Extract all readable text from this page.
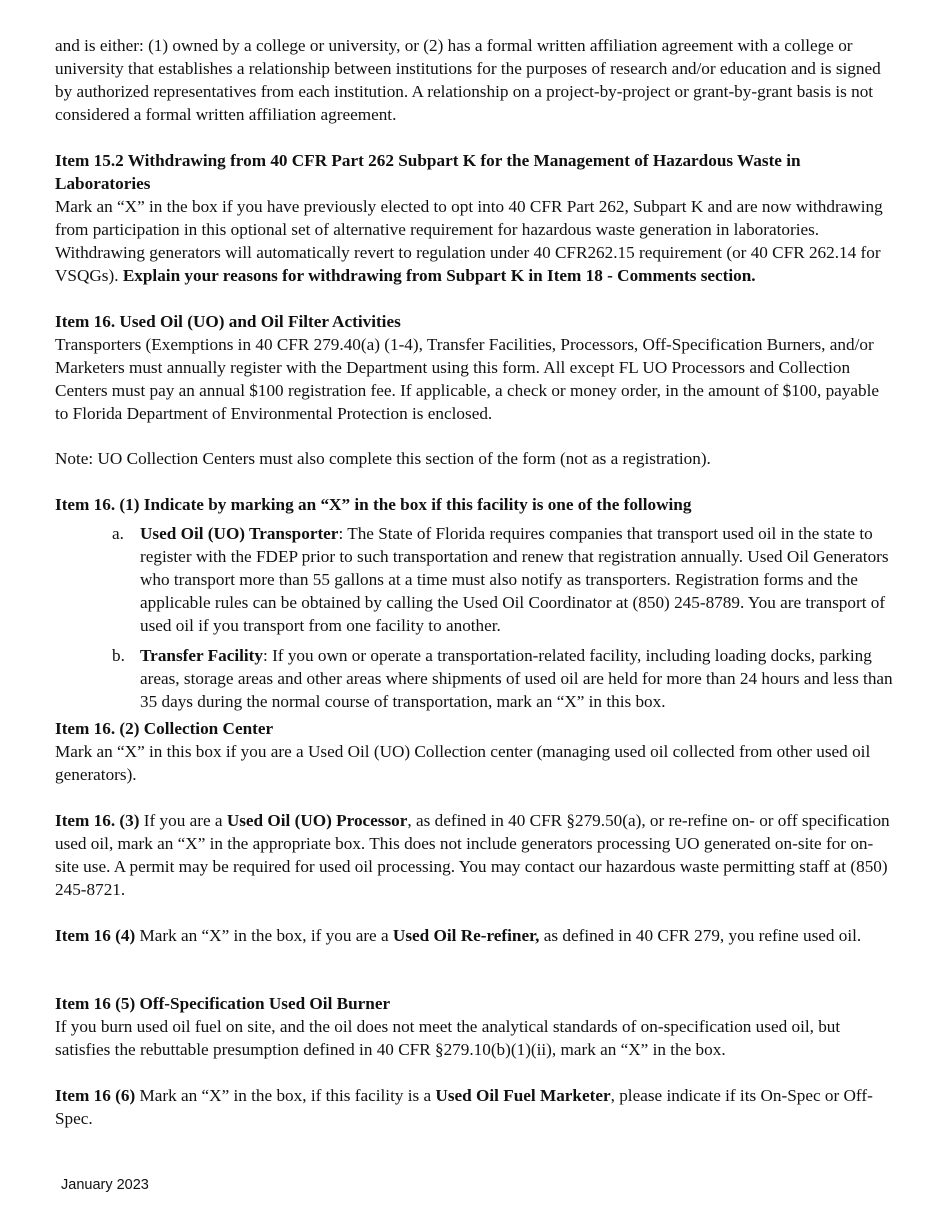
and is either: (1) owned by a college or university, or (2) has a formal written affiliation agreement with a college or university that establishes a relationship between institutions for the purposes of research and/or education and is signed by authorized representatives from each institution. A relationship on a project-by-project or grant-by-grant basis is not considered a formal written affiliation agreement.

Item 15.2 Withdrawing from 40 CFR Part 262 Subpart K for the Management of Hazardous Waste in Laboratories

Mark an “X” in the box if you have previously elected to opt into 40 CFR Part 262, Subpart K and are now withdrawing from participation in this optional set of alternative requirement for hazardous waste generation in laboratories. Withdrawing generators will automatically revert to regulation under 40 CFR262.15 requirement (or 40 CFR 262.14 for VSQGs). Explain your reasons for withdrawing from Subpart K in Item 18 - Comments section.

Item 16. Used Oil (UO) and Oil Filter Activities

Transporters (Exemptions in 40 CFR 279.40(a) (1-4), Transfer Facilities, Processors, Off-Specification Burners, and/or Marketers must annually register with the Department using this form. All except FL UO Processors and Collection Centers must pay an annual $100 registration fee. If applicable, a check or money order, in the amount of $100, payable to Florida Department of Environmental Protection is enclosed.

Note: UO Collection Centers must also complete this section of the form (not as a registration).

Item 16. (1) Indicate by marking an “X” in the box if this facility is one of the following

a. Used Oil (UO) Transporter: The State of Florida requires companies that transport used oil in the state to register with the FDEP prior to such transportation and renew that registration annually. Used Oil Generators who transport more than 55 gallons at a time must also notify as transporters. Registration forms and the applicable rules can be obtained by calling the Used Oil Coordinator at (850) 245-8789. You are transport of used oil if you transport from one facility to another.
b. Transfer Facility: If you own or operate a transportation-related facility, including loading docks, parking areas, storage areas and other areas where shipments of used oil are held for more than 24 hours and less than 35 days during the normal course of transportation, mark an “X” in this box.

Item 16. (2) Collection Center

Mark an “X” in this box if you are a Used Oil (UO) Collection center (managing used oil collected from other used oil generators).

Item 16. (3) If you are a Used Oil (UO) Processor, as defined in 40 CFR §279.50(a), or re-refine on- or off specification used oil, mark an “X” in the appropriate box. This does not include generators processing UO generated on-site for on-site use. A permit may be required for used oil processing. You may contact our hazardous waste permitting staff at (850) 245-8721.

Item 16 (4) Mark an “X” in the box, if you are a Used Oil Re-refiner, as defined in 40 CFR 279, you refine used oil.

Item 16 (5) Off-Specification Used Oil Burner

If you burn used oil fuel on site, and the oil does not meet the analytical standards of on-specification used oil, but satisfies the rebuttable presumption defined in 40 CFR §279.10(b)(1)(ii), mark an “X” in the box.

Item 16 (6) Mark an “X” in the box, if this facility is a Used Oil Fuel Marketer, please indicate if its On-Spec or Off-Spec.

January 2023
